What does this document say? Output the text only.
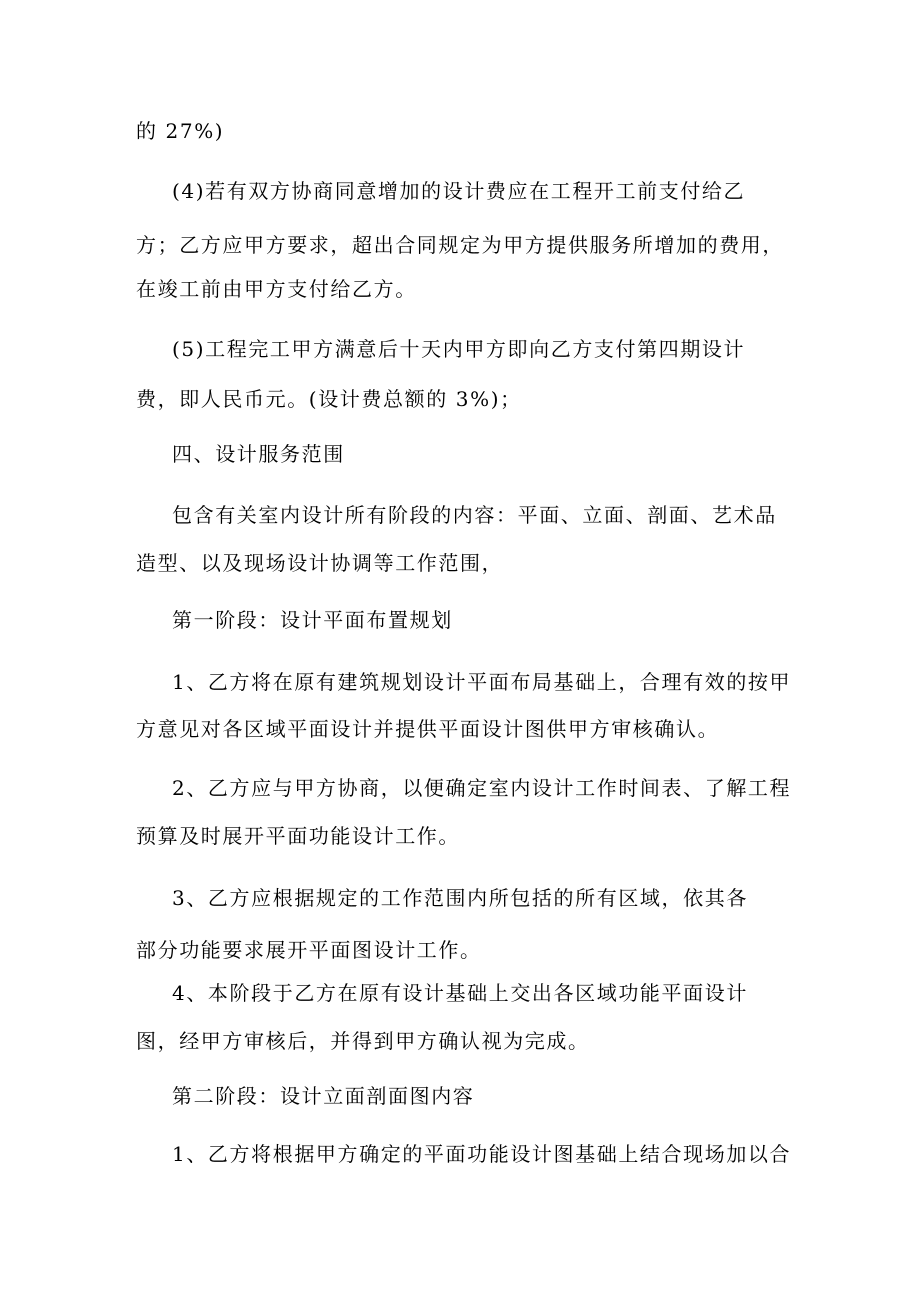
的 27%)

(4)若有双方协商同意增加的设计费应在工程开工前支付给乙

方；乙方应甲方要求，超出合同规定为甲方提供服务所增加的费用，

在竣工前由甲方支付给乙方。

(5)工程完工甲方满意后十天内甲方即向乙方支付第四期设计

费，即人民币元。(设计费总额的 3%)；

四、设计服务范围

包含有关室内设计所有阶段的内容：平面、立面、剖面、艺术品

造型、以及现场设计协调等工作范围，

第一阶段：设计平面布置规划

1、乙方将在原有建筑规划设计平面布局基础上，合理有效的按甲

方意见对各区域平面设计并提供平面设计图供甲方审核确认。

2、乙方应与甲方协商，以便确定室内设计工作时间表、了解工程

预算及时展开平面功能设计工作。

3、乙方应根据规定的工作范围内所包括的所有区域，依其各

部分功能要求展开平面图设计工作。

4、本阶段于乙方在原有设计基础上交出各区域功能平面设计

图，经甲方审核后，并得到甲方确认视为完成。

第二阶段：设计立面剖面图内容

1、乙方将根据甲方确定的平面功能设计图基础上结合现场加以合
